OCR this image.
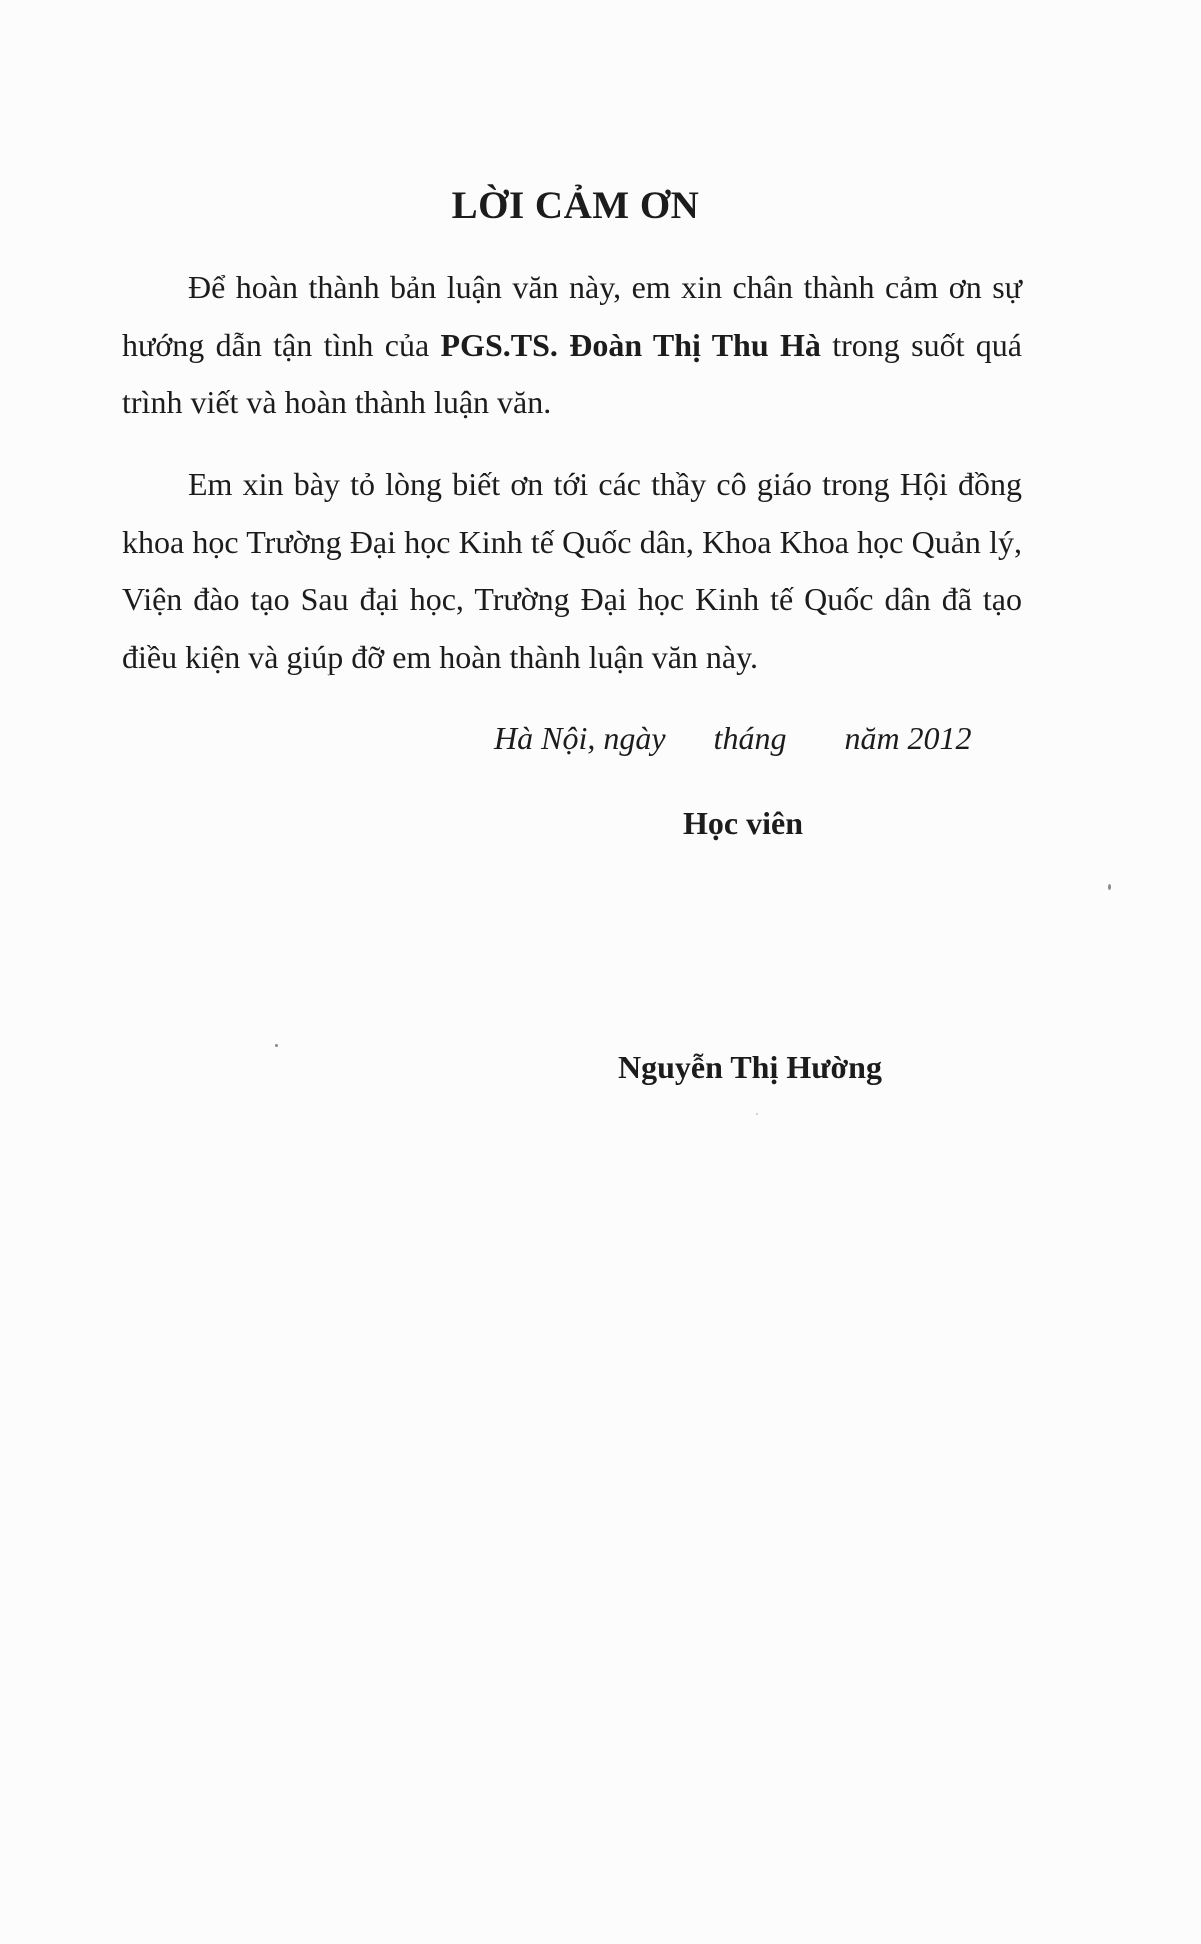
LỜI CẢM ƠN

Để hoàn thành bản luận văn này, em xin chân thành cảm ơn sự hướng dẫn tận tình của PGS.TS. Đoàn Thị Thu Hà trong suốt quá trình viết và hoàn thành luận văn.

Em xin bày tỏ lòng biết ơn tới các thầy cô giáo trong Hội đồng khoa học Trường Đại học Kinh tế Quốc dân, Khoa Khoa học Quản lý, Viện đào tạo Sau đại học, Trường Đại học Kinh tế Quốc dân đã tạo điều kiện và giúp đỡ em hoàn thành luận văn này.

Hà Nội, ngày tháng năm 2012

Học viên

Nguyễn Thị Hường
